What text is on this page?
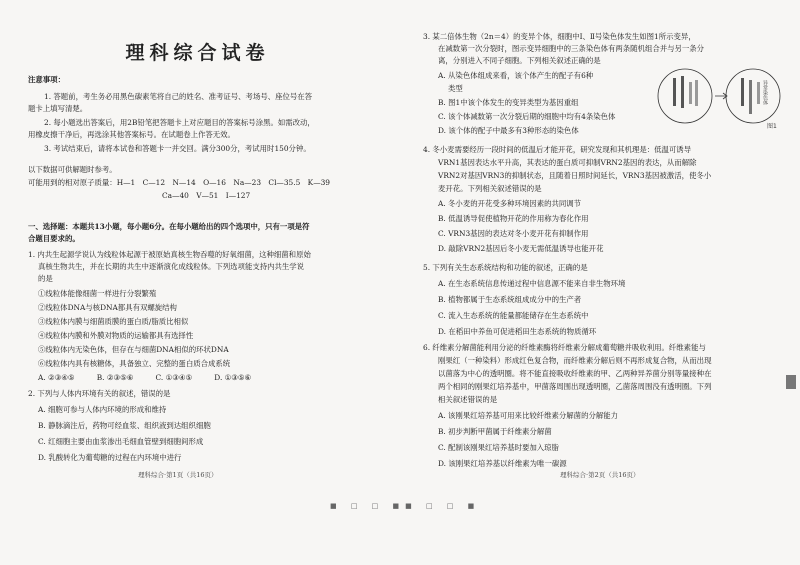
理科综合试卷
注意事项：
1. 答题前，考生务必用黑色碳素笔将自己的姓名、准考证号、考场号、座位号在答
题卡上填写清楚。
2. 每小题选出答案后，用2B铅笔把答题卡上对应题目的答案标号涂黑。如需改动，
用橡皮擦干净后，再选涂其他答案标号。在试题卷上作答无效。
3. 考试结束后，请将本试卷和答题卡一并交回。满分300分，考试用时150分钟。
以下数据可供解题时参考。
可能用到的相对原子质量：H—1　C—12　N—14　O—16　Na—23　Cl—35.5　K—39
Ca—40　V—51　I—127
一、选择题：本题共13小题，每小题6分。在每小题给出的四个选项中，只有一项是符
合题目要求的。
1. 内共生起源学说认为线粒体起源于被原始真核生物吞噬的好氧细菌，这种细菌和原始
真核生物共生，并在长期的共生中逐渐演化成线粒体。下列选项能支持内共生学说
的是
①线粒体能像细菌一样进行分裂繁殖
②线粒体DNA与核DNA都具有双螺旋结构
③线粒体内膜与细菌质膜的蛋白质/脂质比相似
④线粒体内膜和外膜对物质的运输都具有选择性
⑤线粒体内无染色体，但存在与细菌DNA相似的环状DNA
⑥线粒体内具有核糖体，具备独立、完整的蛋白质合成系统
A. ②③④⑤　　　B. ②③⑤⑥　　　C. ①③④⑤　　　D. ①③⑤⑥
2. 下列与人体内环境有关的叙述，错误的是
A. 细胞可参与人体内环境的形成和维持
B. 静脉滴注后，药物可经血浆、组织液到达组织细胞
C. 红细胞主要由血浆渗出毛细血管壁到细胞间形成
D. 乳酸转化为葡萄糖的过程在内环境中进行
理科综合·第1页（共16页）
■ □ □ ■■ □ □ ■
3. 某二倍体生物（2n＝4）的变异个体，细胞中Ⅰ、Ⅱ号染色体发生如图1所示变异，
在减数第一次分裂时，图示变异细胞中的三条染色体有两条随机组合并与另一条分
离，分别进入不同子细胞。下列相关叙述正确的是
A. 从染色体组成来看，该个体产生的配子有6种
类型
B. 图1中该个体发生的变异类型为基因重组
C. 该个体减数第一次分裂后期的细胞中均有4条染色体
D. 该个体的配子中最多有3种形态的染色体
异常染色体
图1
4. 冬小麦需要经历一段时间的低温后才能开花，研究发现和其机理是：低温可诱导
VRN1基因表达水平升高，其表达的蛋白质可抑制VRN2基因的表达，从而解除
VRN2对基因VRN3的抑制状态，且随着日照时间延长，VRN3基因被激活，使冬小
麦开花。下列相关叙述错误的是
A. 冬小麦的开花受多种环境因素的共同调节
B. 低温诱导促使植物开花的作用称为春化作用
C. VRN3基因的表达对冬小麦开花有抑制作用
D. 敲除VRN2基因后冬小麦无需低温诱导也能开花
5. 下列有关生态系统结构和功能的叙述，正确的是
A. 在生态系统信息传递过程中信息源不能来自非生物环境
B. 植物都属于生态系统组成成分中的生产者
C. 流入生态系统的能量都能储存在生态系统中
D. 在稻田中养鱼可促进稻田生态系统的物质循环
6. 纤维素分解菌能利用分泌的纤维素酶将纤维素分解成葡萄糖并吸收利用。纤维素能与
刚果红（一种染料）形成红色复合物，而纤维素分解后则不再形成复合物，从而出现
以菌落为中心的透明圈。将不能直接吸收纤维素的甲、乙两种异养菌分别等量接种在
两个相同的刚果红培养基中，甲菌落周围出现透明圈，乙菌落周围没有透明圈。下列
相关叙述错误的是
A. 该刚果红培养基可用来比较纤维素分解菌的分解能力
B. 初步判断甲菌属于纤维素分解菌
C. 配制该刚果红培养基时要加入琼脂
D. 该刚果红培养基以纤维素为唯一碳源
理科综合·第2页（共16页）
